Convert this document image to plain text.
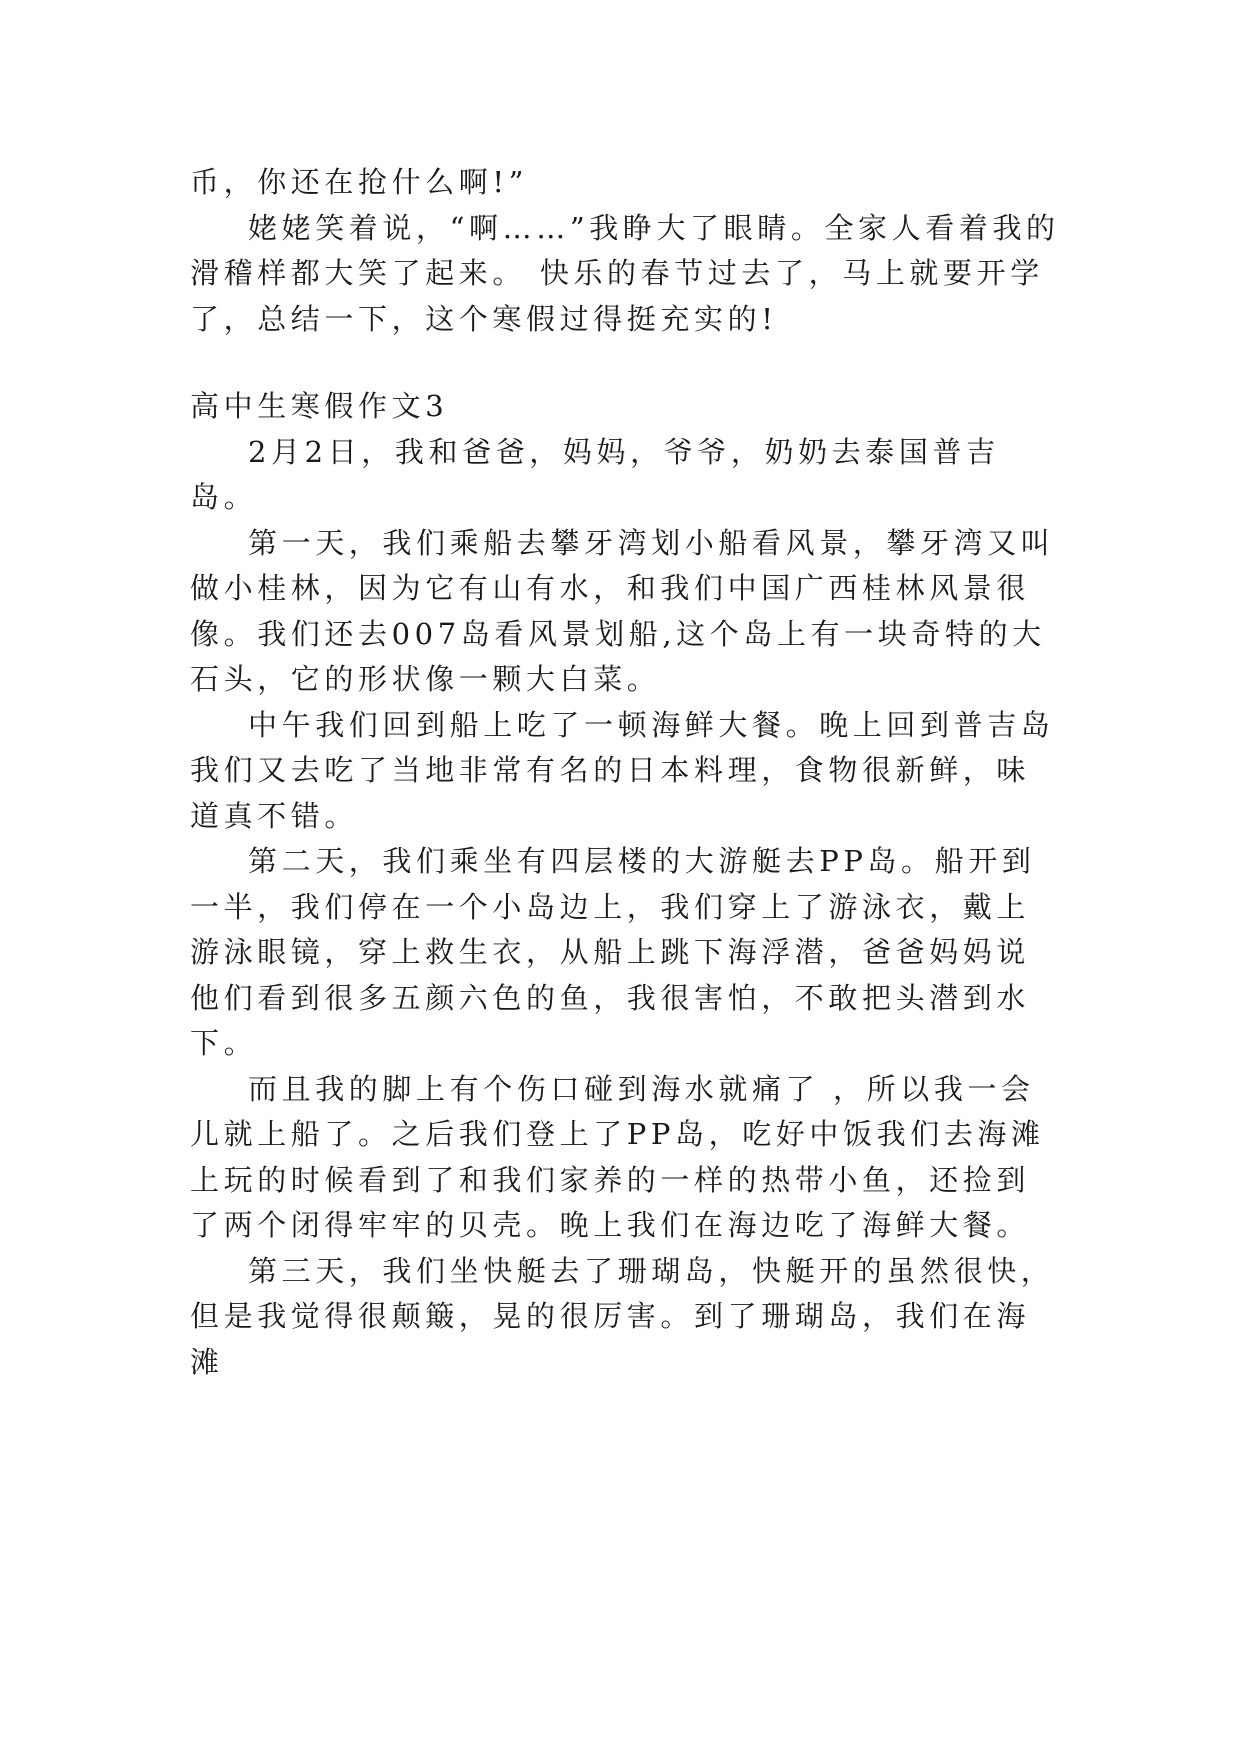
币，你还在抢什么啊!”

姥姥笑着说，“啊……”我睁大了眼睛。全家人看着我的滑稽样都大笑了起来。 快乐的春节过去了，马上就要开学了，总结一下，这个寒假过得挺充实的!

高中生寒假作文3

2月2日，我和爸爸，妈妈，爷爷，奶奶去泰国普吉岛。

第一天，我们乘船去攀牙湾划小船看风景，攀牙湾又叫做小桂林，因为它有山有水，和我们中国广西桂林风景很像。我们还去007岛看风景划船,这个岛上有一块奇特的大石头，它的形状像一颗大白菜。

中午我们回到船上吃了一顿海鲜大餐。晚上回到普吉岛我们又去吃了当地非常有名的日本料理，食物很新鲜，味道真不错。

第二天，我们乘坐有四层楼的大游艇去PP岛。船开到一半，我们停在一个小岛边上，我们穿上了游泳衣，戴上游泳眼镜，穿上救生衣，从船上跳下海浮潜，爸爸妈妈说他们看到很多五颜六色的鱼，我很害怕，不敢把头潜到水下。

而且我的脚上有个伤口碰到海水就痛了 ，所以我一会儿就上船了。之后我们登上了PP岛，吃好中饭我们去海滩上玩的时候看到了和我们家养的一样的热带小鱼，还捡到了两个闭得牢牢的贝壳。晚上我们在海边吃了海鲜大餐。

第三天，我们坐快艇去了珊瑚岛，快艇开的虽然很快，但是我觉得很颠簸，晃的很厉害。到了珊瑚岛，我们在海滩
